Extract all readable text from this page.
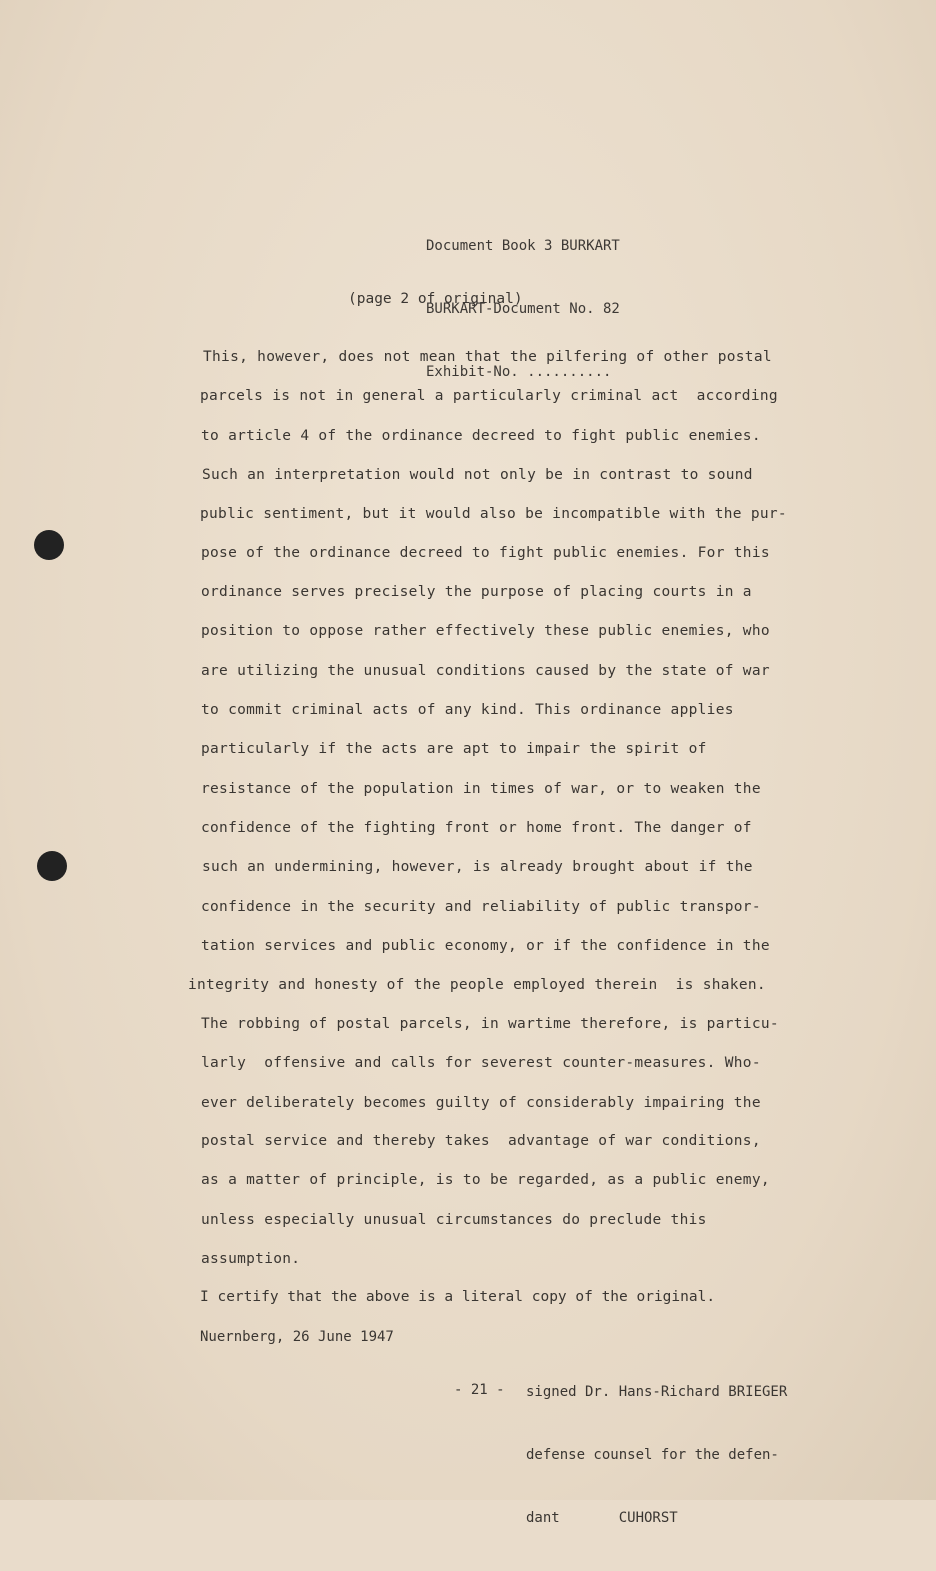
Document Book 3 BURKART

BURKART-Document No. 82

Exhibit-No. ..........

(page 2 of original)
This, however, does not mean that the pilfering of other postal
parcels is not in general a particularly criminal act  according
to article 4 of the ordinance decreed to fight public enemies.
Such an interpretation would not only be in contrast to sound
public sentiment, but it would also be incompatible with the pur-
pose of the ordinance decreed to fight public enemies. For this
ordinance serves precisely the purpose of placing courts in a
position to oppose rather effectively these public enemies, who
are utilizing the unusual conditions caused by the state of war
to commit criminal acts of any kind. This ordinance applies
particularly if the acts are apt to impair the spirit of
resistance of the population in times of war, or to weaken the
confidence of the fighting front or home front. The danger of
such an undermining, however, is already brought about if the
confidence in the security and reliability of public transpor-
tation services and public economy, or if the confidence in the
integrity and honesty of the people employed therein  is shaken.
The robbing of postal parcels, in wartime therefore, is particu-
larly  offensive and calls for severest counter-measures. Who-
ever deliberately becomes guilty of considerably impairing the
postal service and thereby takes  advantage of war conditions,
as a matter of principle, is to be regarded, as a public enemy,
unless especially unusual circumstances do preclude this
assumption.
I certify that the above is a literal copy of the original.
Nuernberg, 26 June 1947

signed Dr. Hans-Richard BRIEGER

defense counsel for the defen-

dant       CUHORST

- 21 -
